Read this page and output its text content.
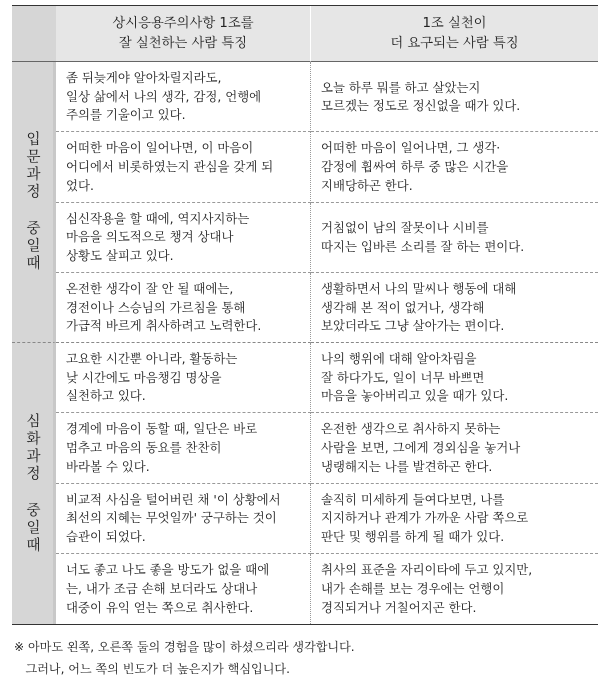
상시응용주의사항 1조를
잘 실천하는 사람 특징
1조 실천이
더 요구되는 사람 특징
입문과정 중일때
심화과정 중일때
좀 뒤늦게야 알아차릴지라도,
일상 삶에서 나의 생각, 감정, 언행에
주의를 기울이고 있다.
오늘 하루 뭐를 하고 살았는지
모르겠는 정도로 정신없을 때가 있다.
어떠한 마음이 일어나면, 이 마음이
어디에서 비롯하였는지 관심을 갖게 되
었다.
어떠한 마음이 일어나면, 그 생각·
감정에 휩싸여 하루 중 많은 시간을
지배당하곤 한다.
심신작용을 할 때에, 역지사지하는
마음을 의도적으로 챙겨 상대나
상황도 살피고 있다.
거침없이 남의 잘못이나 시비를
따지는 입바른 소리를 잘 하는 편이다.
온전한 생각이 잘 안 될 때에는,
경전이나 스승님의 가르침을 통해
가급적 바르게 취사하려고 노력한다.
생활하면서 나의 말씨나 행동에 대해
생각해 본 적이 없거나, 생각해
보았더라도 그냥 살아가는 편이다.
고요한 시간뿐 아니라, 활동하는
낮 시간에도 마음챙김 명상을
실천하고 있다.
나의 행위에 대해 알아차림을
잘 하다가도, 일이 너무 바쁘면
마음을 놓아버리고 있을 때가 있다.
경계에 마음이 동할 때, 일단은 바로
멈추고 마음의 동요를 찬찬히
바라볼 수 있다.
온전한 생각으로 취사하지 못하는
사람을 보면, 그에게 경외심을 놓거나
냉랭해지는 나를 발견하곤 한다.
비교적 사심을 털어버린 채 '이 상황에서
최선의 지혜는 무엇일까' 궁구하는 것이
습관이 되었다.
솔직히 미세하게 들여다보면, 나를
지지하거나 관계가 가까운 사람 쪽으로
판단 및 행위를 하게 될 때가 있다.
너도 좋고 나도 좋을 방도가 없을 때에
는, 내가 조금 손해 보더라도 상대나
대중이 유익 얻는 쪽으로 취사한다.
취사의 표준을 자리이타에 두고 있지만,
내가 손해를 보는 경우에는 언행이
경직되거나 거칠어지곤 한다.
※ 아마도 왼쪽, 오른쪽 둘의 경험을 많이 하셨으리라 생각합니다.
그러나, 어느 쪽의 빈도가 더 높은지가 핵심입니다.
